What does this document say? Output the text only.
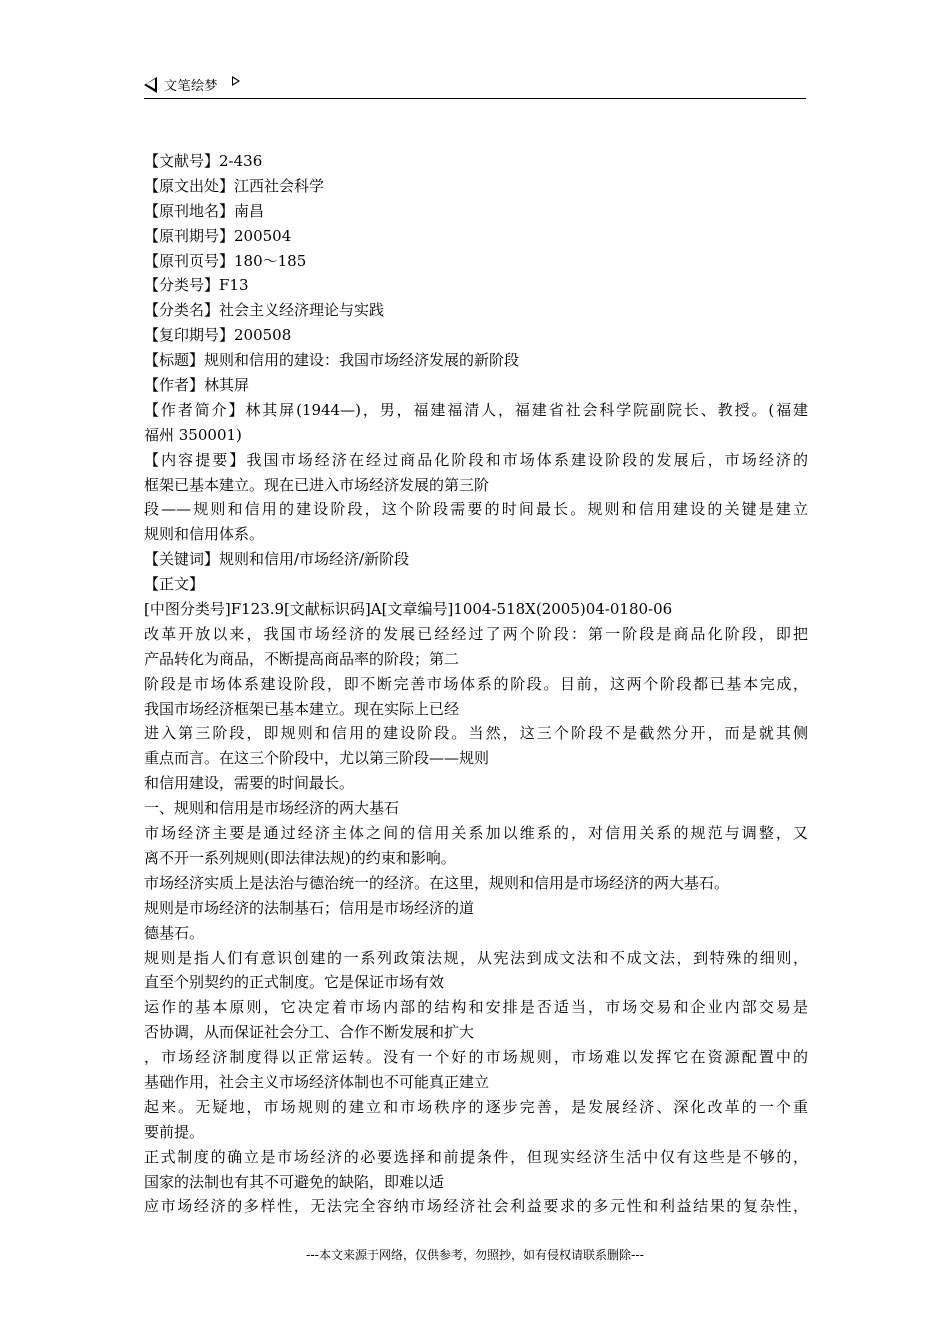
文笔绘梦
【文献号】2-436
【原文出处】江西社会科学
【原刊地名】南昌
【原刊期号】200504
【原刊页号】180～185
【分类号】F13
【分类名】社会主义经济理论与实践
【复印期号】200508
【标题】规则和信用的建设：我国市场经济发展的新阶段
【作者】林其屏
【作者简介】林其屏(1944—)，男，福建福清人，福建省社会科学院副院长、教授。(福建
福州 350001)
【内容提要】我国市场经济在经过商品化阶段和市场体系建设阶段的发展后，市场经济的
框架已基本建立。现在已进入市场经济发展的第三阶
段——规则和信用的建设阶段，这个阶段需要的时间最长。规则和信用建设的关键是建立
规则和信用体系。
【关键词】规则和信用/市场经济/新阶段
【正文】
[中图分类号]F123.9[文献标识码]A[文章编号]1004-518X(2005)04-0180-06
改革开放以来，我国市场经济的发展已经经过了两个阶段：第一阶段是商品化阶段，即把
产品转化为商品，不断提高商品率的阶段；第二
阶段是市场体系建设阶段，即不断完善市场体系的阶段。目前，这两个阶段都已基本完成，
我国市场经济框架已基本建立。现在实际上已经
进入第三阶段，即规则和信用的建设阶段。当然，这三个阶段不是截然分开，而是就其侧
重点而言。在这三个阶段中，尤以第三阶段——规则
和信用建设，需要的时间最长。
一、规则和信用是市场经济的两大基石
市场经济主要是通过经济主体之间的信用关系加以维系的，对信用关系的规范与调整，又
离不开一系列规则(即法律法规)的约束和影响。
市场经济实质上是法治与德治统一的经济。在这里，规则和信用是市场经济的两大基石。
规则是市场经济的法制基石；信用是市场经济的道
德基石。
规则是指人们有意识创建的一系列政策法规，从宪法到成文法和不成文法，到特殊的细则，
直至个别契约的正式制度。它是保证市场有效
运作的基本原则，它决定着市场内部的结构和安排是否适当，市场交易和企业内部交易是
否协调，从而保证社会分工、合作不断发展和扩大
，市场经济制度得以正常运转。没有一个好的市场规则，市场难以发挥它在资源配置中的
基础作用，社会主义市场经济体制也不可能真正建立
起来。无疑地，市场规则的建立和市场秩序的逐步完善，是发展经济、深化改革的一个重
要前提。
正式制度的确立是市场经济的必要选择和前提条件，但现实经济生活中仅有这些是不够的，
国家的法制也有其不可避免的缺陷，即难以适
应市场经济的多样性，无法完全容纳市场经济社会利益要求的多元性和利益结果的复杂性，
---本文来源于网络，仅供参考，勿照抄，如有侵权请联系删除---
